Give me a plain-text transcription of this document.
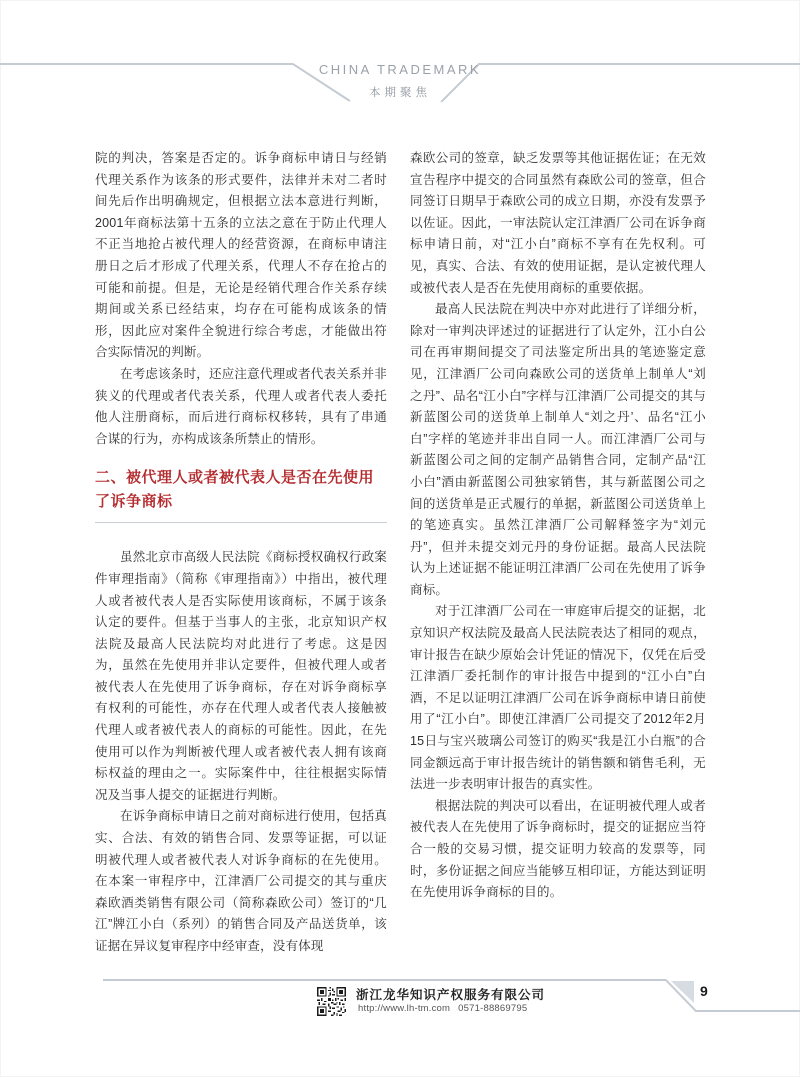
CHINA TRADEMARK
本期聚焦

院的判决，答案是否定的。诉争商标申请日与经销代理关系作为该条的形式要件，法律并未对二者时间先后作出明确规定，但根据立法本意进行判断，2001年商标法第十五条的立法之意在于防止代理人不正当地抢占被代理人的经营资源，在商标申请注册日之后才形成了代理关系，代理人不存在抢占的可能和前提。但是，无论是经销代理合作关系存续期间或关系已经结束，均存在可能构成该条的情形，因此应对案件全貌进行综合考虑，才能做出符合实际情况的判断。

在考虑该条时，还应注意代理或者代表关系并非狭义的代理或者代表关系，代理人或者代表人委托他人注册商标，而后进行商标权移转，具有了串通合谋的行为，亦构成该条所禁止的情形。

二、被代理人或者被代表人是否在先使用了诉争商标

虽然北京市高级人民法院《商标授权确权行政案件审理指南》（简称《审理指南》）中指出，被代理人或者被代表人是否实际使用该商标，不属于该条认定的要件。但基于当事人的主张，北京知识产权法院及最高人民法院均对此进行了考虑。这是因为，虽然在先使用并非认定要件，但被代理人或者被代表人在先使用了诉争商标，存在对诉争商标享有权利的可能性，亦存在代理人或者代表人接触被代理人或者被代表人的商标的可能性。因此，在先使用可以作为判断被代理人或者被代表人拥有该商标权益的理由之一。实际案件中，往往根据实际情况及当事人提交的证据进行判断。

在诉争商标申请日之前对商标进行使用，包括真实、合法、有效的销售合同、发票等证据，可以证明被代理人或者被代表人对诉争商标的在先使用。在本案一审程序中，江津酒厂公司提交的其与重庆森欧酒类销售有限公司（简称森欧公司）签订的“几江”牌江小白（系列）的销售合同及产品送货单，该证据在异议复审程序中经审查，没有体现

森欧公司的签章，缺乏发票等其他证据佐证；在无效宣告程序中提交的合同虽然有森欧公司的签章，但合同签订日期早于森欧公司的成立日期，亦没有发票予以佐证。因此，一审法院认定江津酒厂公司在诉争商标申请日前，对“江小白”商标不享有在先权利。可见，真实、合法、有效的使用证据，是认定被代理人或被代表人是否在先使用商标的重要依据。

最高人民法院在判决中亦对此进行了详细分析，除对一审判决评述过的证据进行了认定外，江小白公司在再审期间提交了司法鉴定所出具的笔迹鉴定意见，江津酒厂公司向森欧公司的送货单上制单人“刘之丹”、品名“江小白”字样与江津酒厂公司提交的其与新蓝图公司的送货单上制单人“刘之丹’、品名“江小白”字样的笔迹并非出自同一人。而江津酒厂公司与新蓝图公司之间的定制产品销售合同，定制产品“江小白”酒由新蓝图公司独家销售，其与新蓝图公司之间的送货单是正式履行的单据，新蓝图公司送货单上的笔迹真实。虽然江津酒厂公司解释签字为“刘元丹”，但并未提交刘元丹的身份证据。最高人民法院认为上述证据不能证明江津酒厂公司在先使用了诉争商标。

对于江津酒厂公司在一审庭审后提交的证据，北京知识产权法院及最高人民法院表达了相同的观点，审计报告在缺少原始会计凭证的情况下，仅凭在后受江津酒厂委托制作的审计报告中提到的“江小白”白酒，不足以证明江津酒厂公司在诉争商标申请日前使用了“江小白”。即使江津酒厂公司提交了2012年2月15日与宝兴玻璃公司签订的购买“我是江小白瓶”的合同金额远高于审计报告统计的销售额和销售毛利，无法进一步表明审计报告的真实性。

根据法院的判决可以看出，在证明被代理人或者被代表人在先使用了诉争商标时，提交的证据应当符合一般的交易习惯，提交证明力较高的发票等，同时，多份证据之间应当能够互相印证，方能达到证明在先使用诉争商标的目的。

9
浙江龙华知识产权服务有限公司
http://www.lh-tm.com 0571-88869795
